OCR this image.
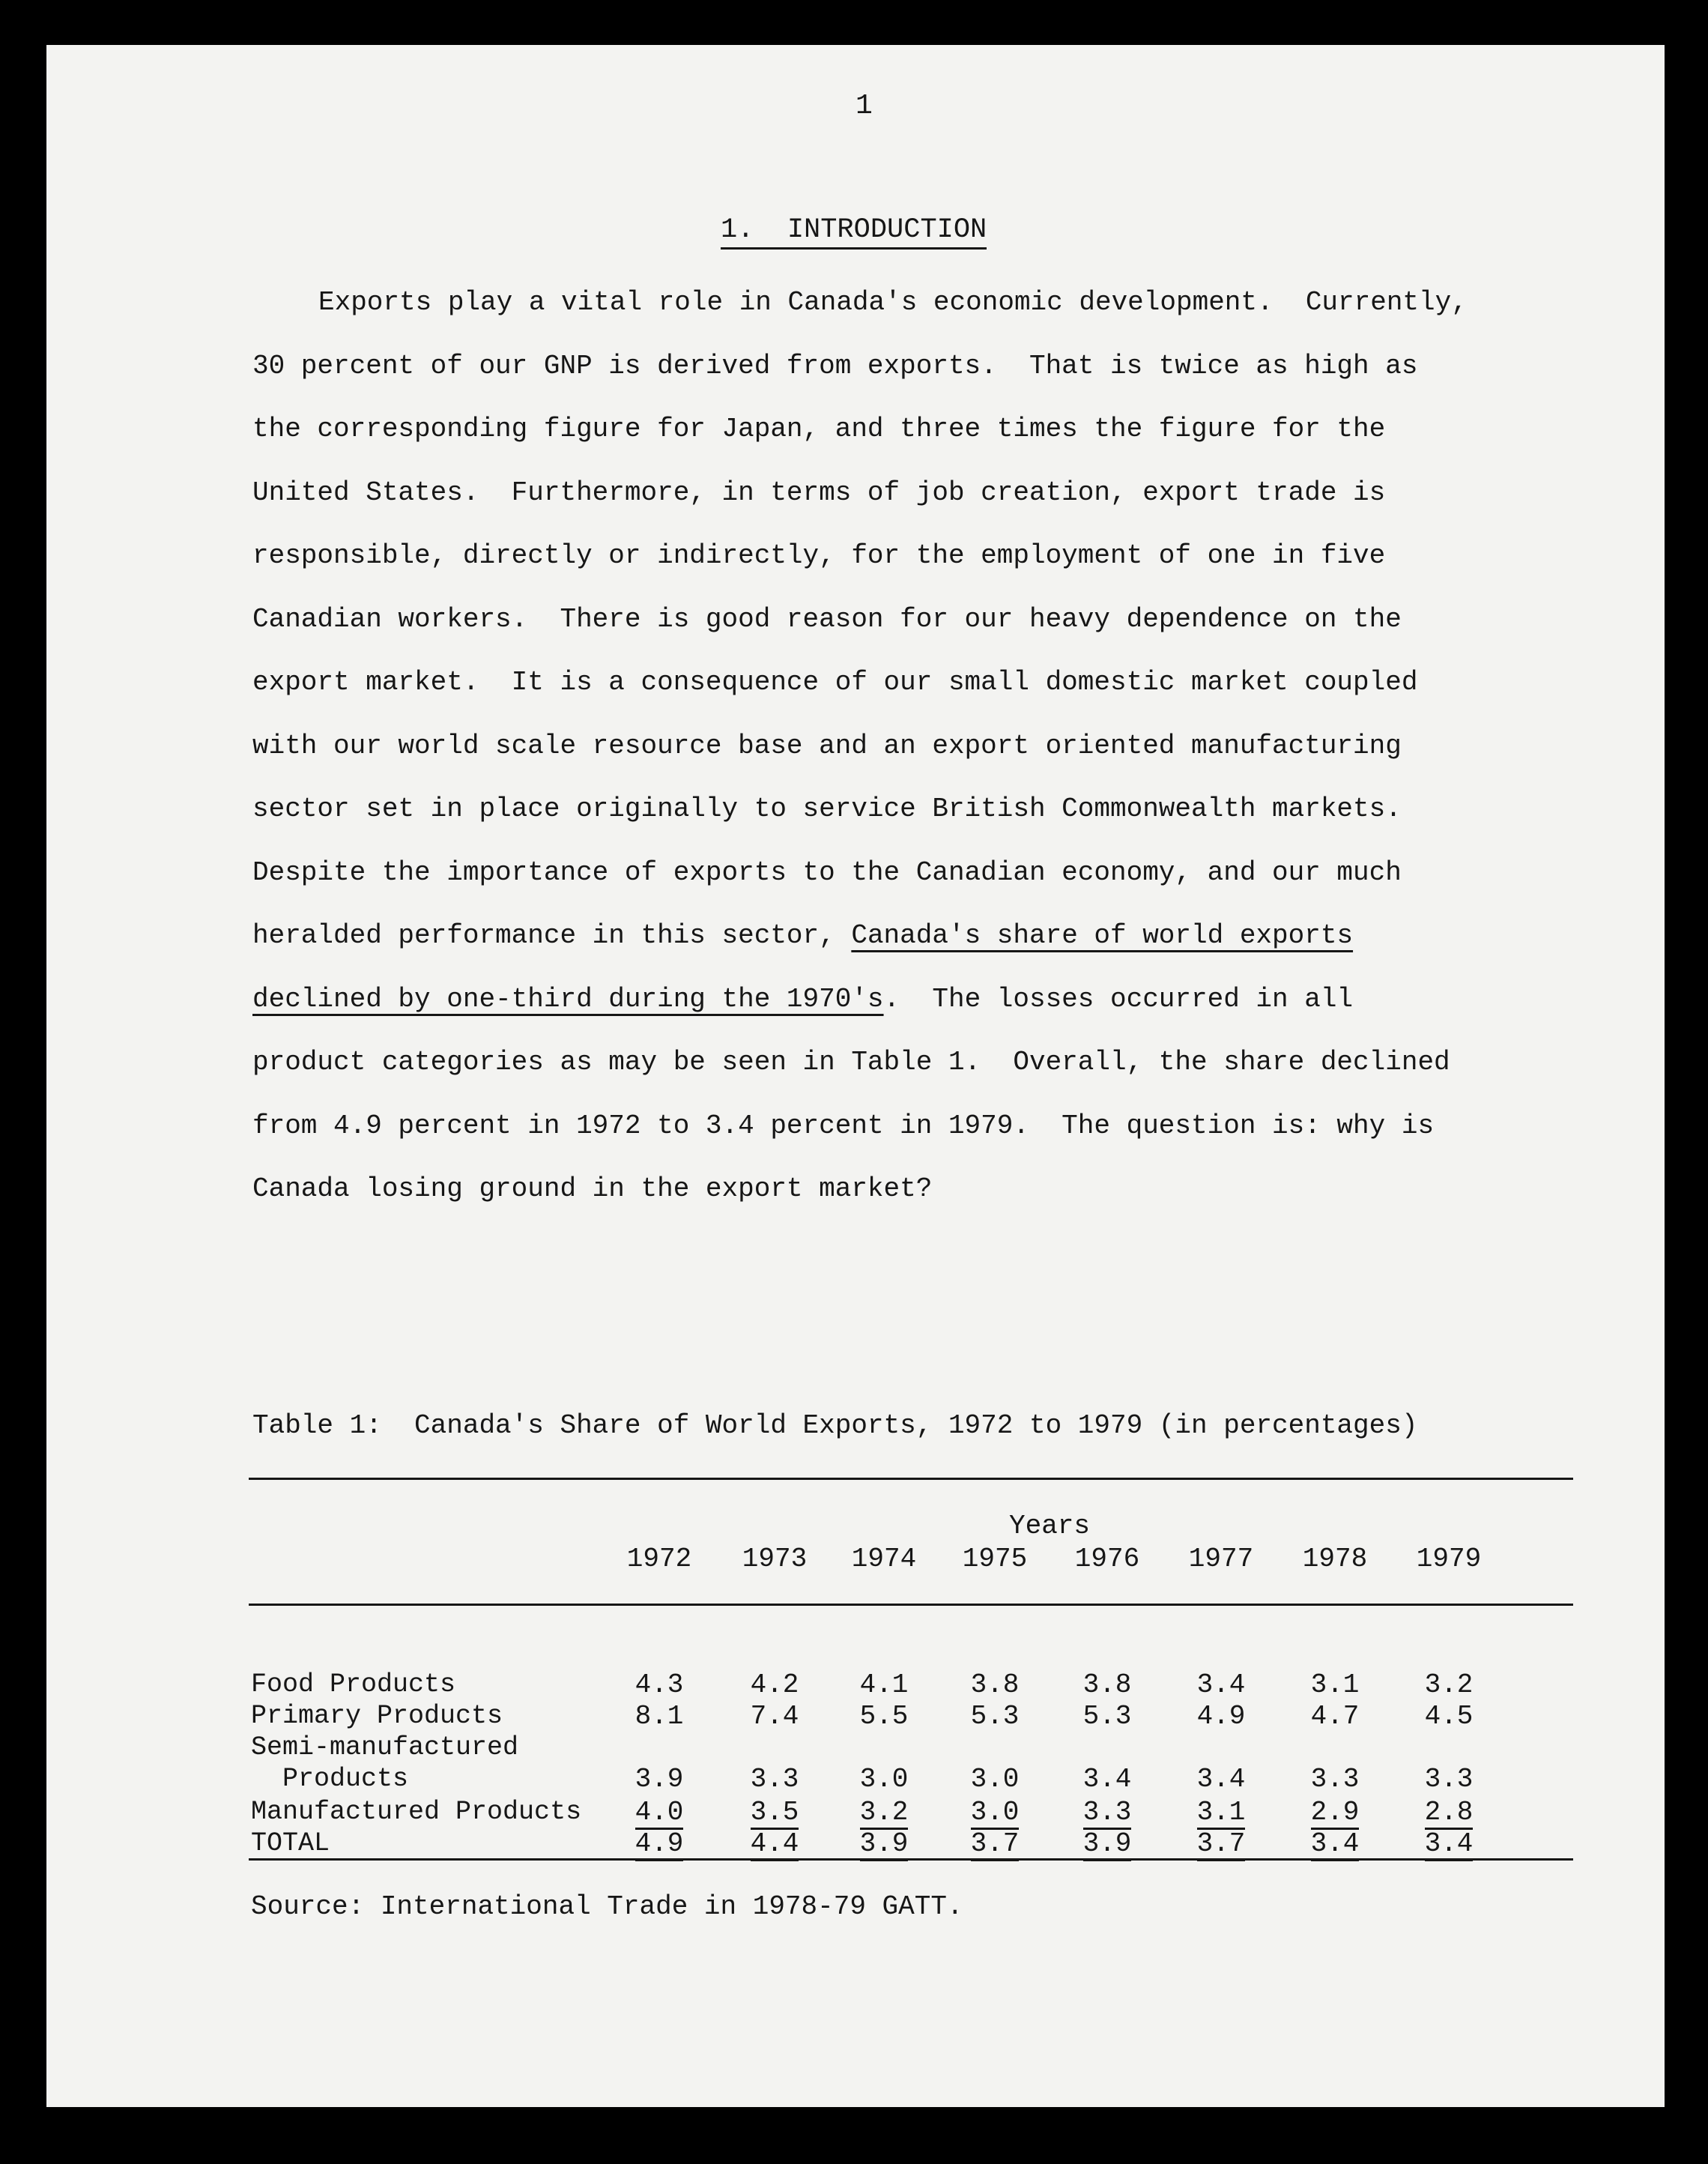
1
1.  INTRODUCTION
Exports play a vital role in Canada's economic development.  Currently,
30 percent of our GNP is derived from exports.  That is twice as high as
the corresponding figure for Japan, and three times the figure for the
United States.  Furthermore, in terms of job creation, export trade is
responsible, directly or indirectly, for the employment of one in five
Canadian workers.  There is good reason for our heavy dependence on the
export market.  It is a consequence of our small domestic market coupled
with our world scale resource base and an export oriented manufacturing
sector set in place originally to service British Commonwealth markets.
Despite the importance of exports to the Canadian economy, and our much
heralded performance in this sector, Canada's share of world exports
declined by one-third during the 1970's.  The losses occurred in all
product categories as may be seen in Table 1.  Overall, the share declined
from 4.9 percent in 1972 to 3.4 percent in 1979.  The question is: why is
Canada losing ground in the export market?
Table 1:  Canada's Share of World Exports, 1972 to 1979 (in percentages)
Years
1972	1973	1974	1975	1976	1977	1978	1979
Food Products	4.3	4.2	4.1	3.8	3.8	3.4	3.1	3.2
Primary Products	8.1	7.4	5.5	5.3	5.3	4.9	4.7	4.5
Semi-manufactured
Products	3.9	3.3	3.0	3.0	3.4	3.4	3.3	3.3
Manufactured Products	4.0	3.5	3.2	3.0	3.3	3.1	2.9	2.8
TOTAL	4.9	4.4	3.9	3.7	3.9	3.7	3.4	3.4
Source: International Trade in 1978-79 GATT.
